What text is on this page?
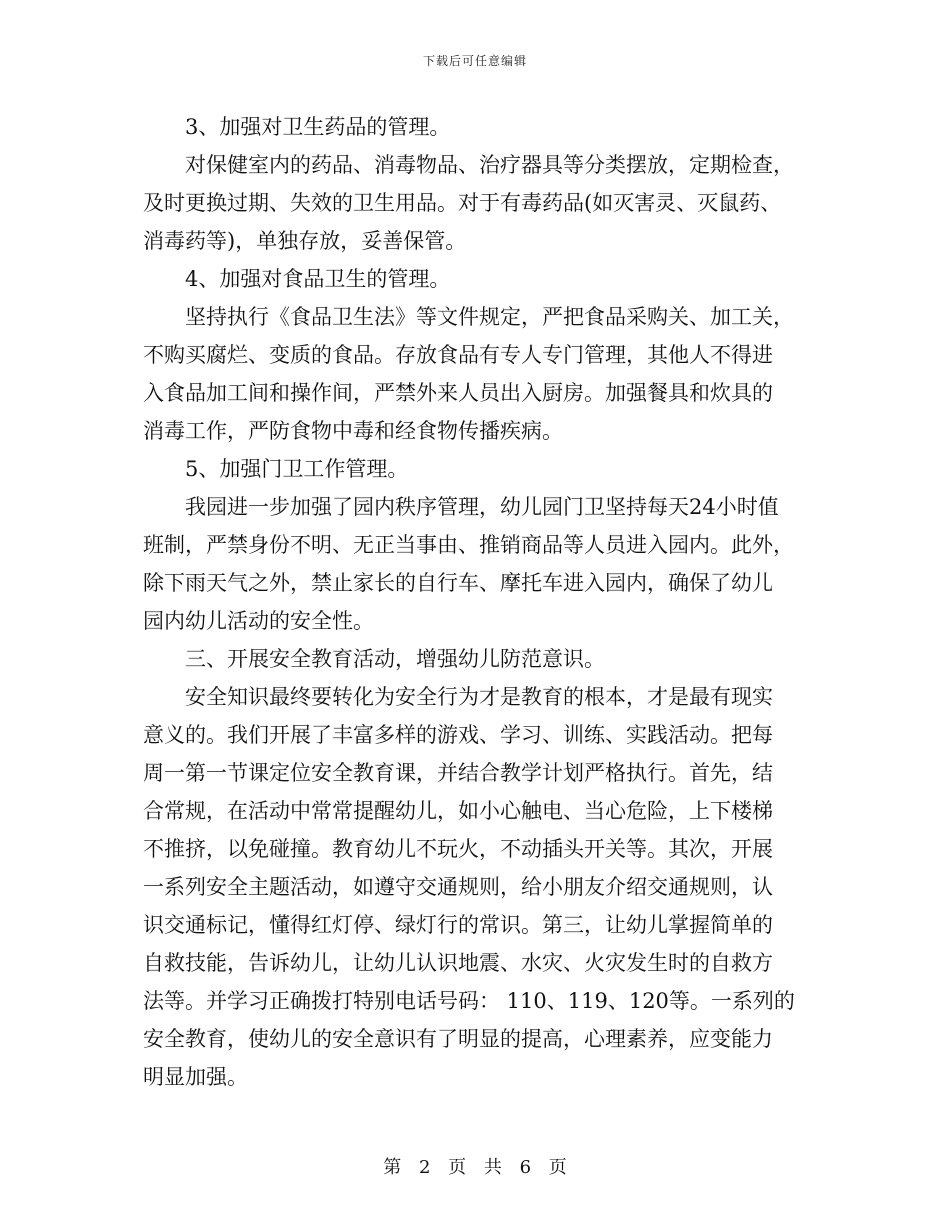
下载后可任意编辑
　　3、加强对卫生药品的管理。
　　对保健室内的药品、消毒物品、治疗器具等分类摆放，定期检查，
及时更换过期、失效的卫生用品。对于有毒药品(如灭害灵、灭鼠药、
消毒药等)，单独存放，妥善保管。
　　4、加强对食品卫生的管理。
　　坚持执行《食品卫生法》等文件规定，严把食品采购关、加工关，
不购买腐烂、变质的食品。存放食品有专人专门管理，其他人不得进
入食品加工间和操作间，严禁外来人员出入厨房。加强餐具和炊具的
消毒工作，严防食物中毒和经食物传播疾病。
　　5、加强门卫工作管理。
　　我园进一步加强了园内秩序管理，幼儿园门卫坚持每天24小时值
班制，严禁身份不明、无正当事由、推销商品等人员进入园内。此外，
除下雨天气之外，禁止家长的自行车、摩托车进入园内，确保了幼儿
园内幼儿活动的安全性。
　　三、开展安全教育活动，增强幼儿防范意识。
　　安全知识最终要转化为安全行为才是教育的根本，才是最有现实
意义的。我们开展了丰富多样的游戏、学习、训练、实践活动。把每
周一第一节课定位安全教育课，并结合教学计划严格执行。首先，结
合常规，在活动中常常提醒幼儿，如小心触电、当心危险，上下楼梯
不推挤，以免碰撞。教育幼儿不玩火，不动插头开关等。其次，开展
一系列安全主题活动，如遵守交通规则，给小朋友介绍交通规则，认
识交通标记，懂得红灯停、绿灯行的常识。第三，让幼儿掌握简单的
自救技能，告诉幼儿，让幼儿认识地震、水灾、火灾发生时的自救方
法等。并学习正确拨打特别电话号码： 110、119、120等。一系列的
安全教育，使幼儿的安全意识有了明显的提高，心理素养，应变能力
明显加强。
第 2 页 共 6 页
